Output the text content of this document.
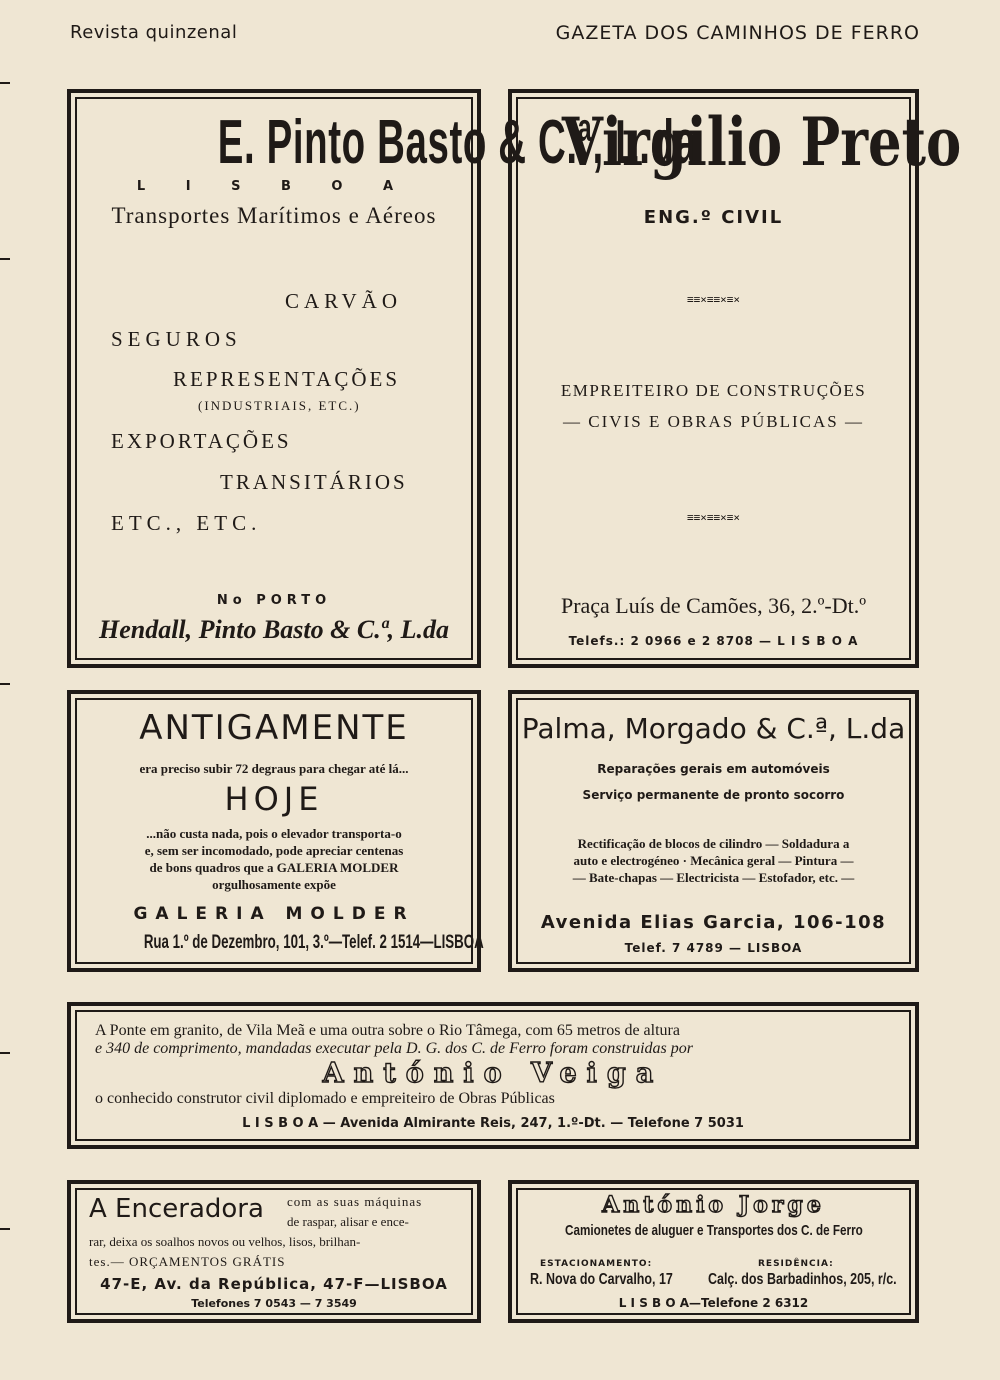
Revista quinzenal	GAZETA DOS CAMINHOS DE FERRO
E. Pinto Basto & C.ª, L.da
L I S B O A
Transportes Marítimos e Aéreos
CARVÃO
SEGUROS
REPRESENTAÇÕES
(INDUSTRIAIS, ETC.)
EXPORTAÇÕES
TRANSITÁRIOS
ETC., ETC.
No PORTO
Hendall, Pinto Basto & C.ª, L.da
Virgilio Preto
ENG.º CIVIL
≡≡×≡≡×≡×
EMPREITEIRO DE CONSTRUÇÕES
— CIVIS E OBRAS PÚBLICAS —
≡≡×≡≡×≡×
Praça Luís de Camões, 36, 2.º-Dt.º
Telefs.: 2 0966 e 2 8708 — L I S B O A
ANTIGAMENTE
era preciso subir 72 degraus para chegar até lá...
HOJE
...não custa nada, pois o elevador transporta-o
e, sem ser incomodado, pode apreciar centenas
de bons quadros que a GALERIA MOLDER
orgulhosamente expõe
GALERIA MOLDER
Rua 1.º de Dezembro, 101, 3.º—Telef. 2 1514—LISBOA
Palma, Morgado & C.ª, L.da
Reparações gerais em automóveis
Serviço permanente de pronto socorro
Rectificação de blocos de cilindro — Soldadura a
auto e electrogéneo · Mecânica geral — Pintura —
— Bate-chapas — Electricista — Estofador, etc. —
Avenida Elias Garcia, 106-108
Telef. 7 4789 — LISBOA
A Ponte em granito, de Vila Meã e uma outra sobre o Rio Tâmega, com 65 metros de altura
e 340 de comprimento, mandadas executar pela D. G. dos C. de Ferro foram construidas por
António Veiga
o conhecido construtor civil diplomado e empreiteiro de Obras Públicas
L I S B O A — Avenida Almirante Reis, 247, 1.º-Dt. — Telefone 7 5031
A Enceradora com as suas máquinas
de raspar, alisar e ence-
rar, deixa os soalhos novos ou velhos, lisos, brilhan-
tes.— ORÇAMENTOS GRÁTIS
47-E, Av. da República, 47-F—LISBOA
Telefones 7 0543 — 7 3549
António Jorge
Camionetes de aluguer e Transportes dos C. de Ferro
ESTACIONAMENTO:	RESIDÊNCIA:
R. Nova do Carvalho, 17	Calç. dos Barbadinhos, 205, r/c.
L I S B O A—Telefone 2 6312
